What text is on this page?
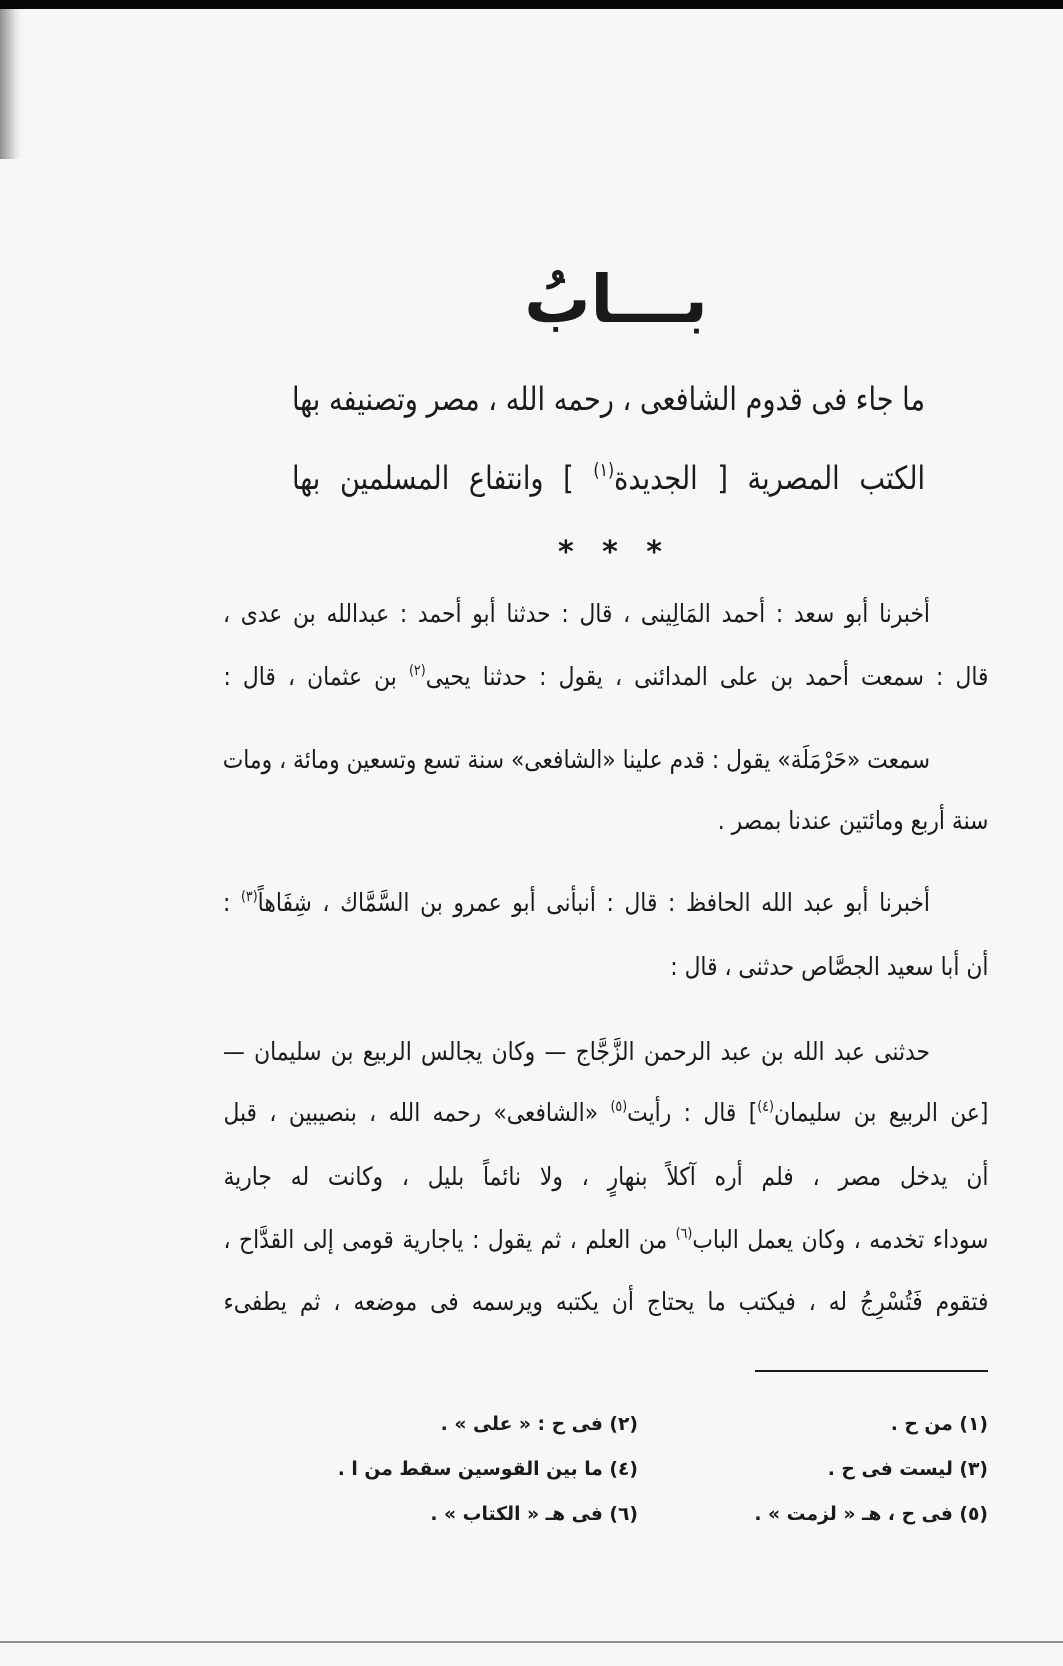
بـــابُ
ما جاء فى قدوم الشافعى ، رحمه الله ، مصر وتصنيفه بها
الكتب المصرية [ الجديدة$^{(١)}$ ] وانتفاع المسلمين بها
* * *
أخبرنا أبو سعد : أحمد المَالِينى ، قال : حدثنا أبو أحمد : عبدالله بن عدى ،
قال : سمعت أحمد بن على المدائنى ، يقول : حدثنا يحيى$^{(٢)}$ بن عثمان ، قال :
سمعت «حَرْمَلَة» يقول : قدم علينا «الشافعى» سنة تسع وتسعين ومائة ، ومات
سنة أربع ومائتين عندنا بمصر .
أخبرنا أبو عبد الله الحافظ : قال : أنبأنى أبو عمرو بن السَّمَّاك ، شِفَاهاً$^{(٣)}$ :
أن أبا سعيد الجصَّاص حدثنى ، قال :
حدثنى عبد الله بن عبد الرحمن الزَّجَّاج — وكان يجالس الربيع بن سليمان —
[عن الربيع بن سليمان$^{(٤)}$] قال : رأيت$^{(٥)}$ «الشافعى» رحمه الله ، بنصيبين ، قبل
أن يدخل مصر ، فلم أره آكلاً بنهارٍ ، ولا نائماً بليل ، وكانت له جارية
سوداء تخدمه ، وكان يعمل الباب$^{(٦)}$ من العلم ، ثم يقول : ياجارية قومى إلى القدَّاح ،
فتقوم فَتُسْرِجُ له ، فيكتب ما يحتاج أن يكتبه ويرسمه فى موضعه ، ثم يطفىء
(١) من ح .
(٢) فى ح : « على » .
(٣) ليست فى ح .
(٤) ما بين القوسين سقط من ا .
(٥) فى ح ، هـ « لزمت » .
(٦) فى هـ « الكتاب » .
